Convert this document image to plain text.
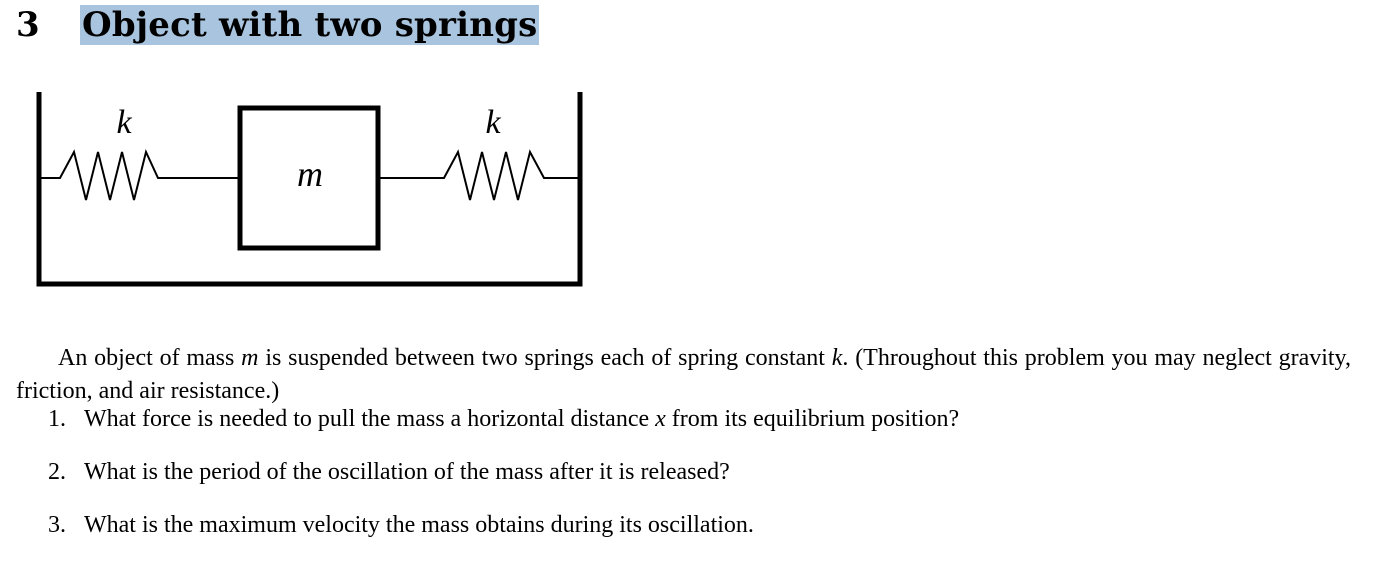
3	Object with two springs
k	k
m

An object of mass m is suspended between two springs each of spring constant k. (Throughout this problem you may neglect gravity, friction, and air resistance.)

1. What force is needed to pull the mass a horizontal distance x from its equilibrium position?
2. What is the period of the oscillation of the mass after it is released?
3. What is the maximum velocity the mass obtains during its oscillation.
